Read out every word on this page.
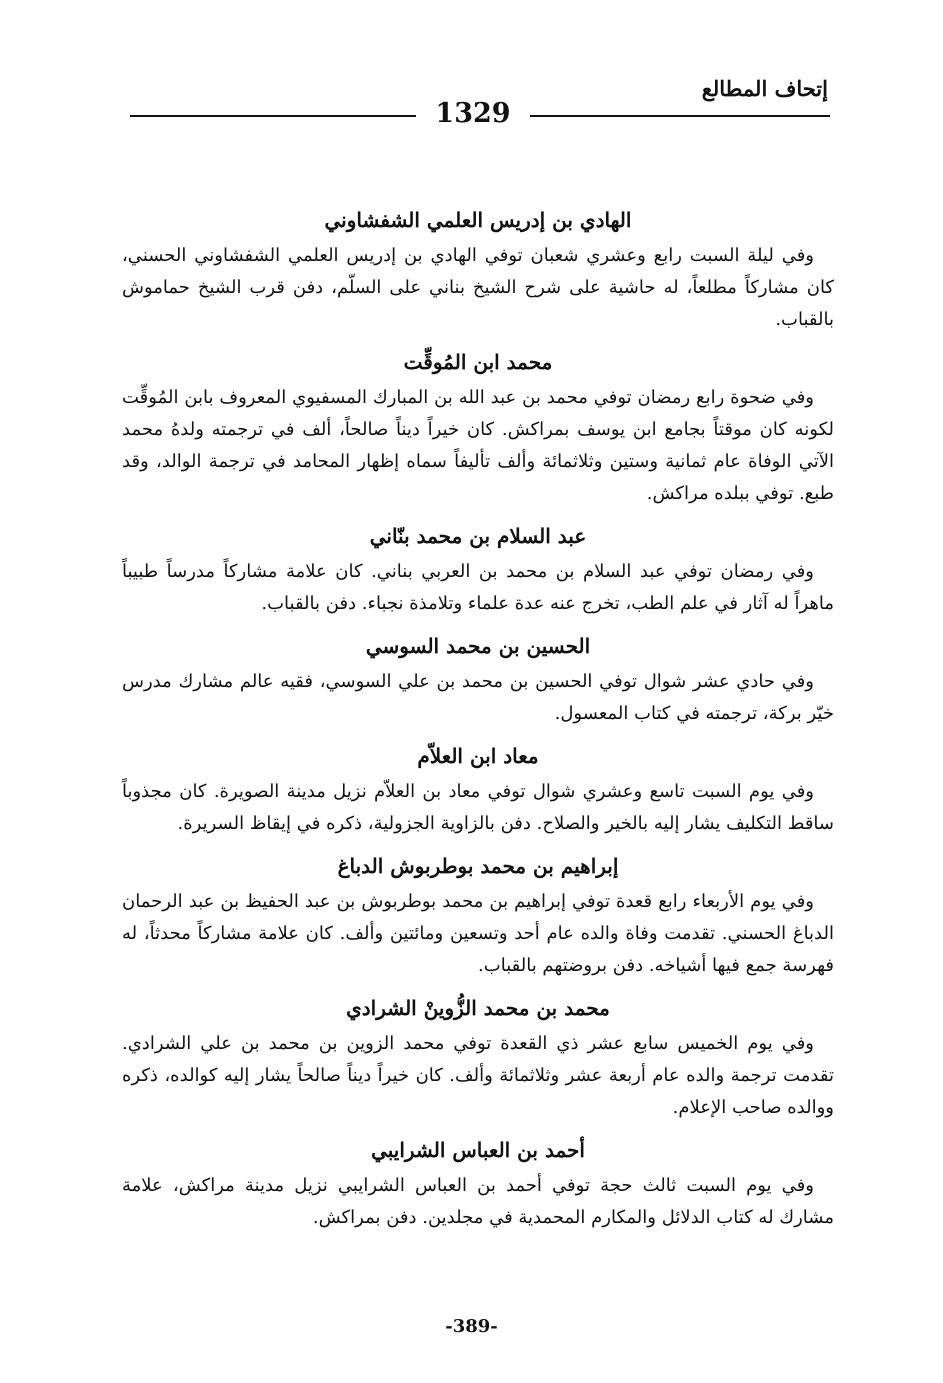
إتحاف المطالع
1329
الهادي بن إدريس العلمي الشفشاوني

وفي ليلة السبت رابع وعشري شعبان توفي الهادي بن إدريس العلمي الشفشاوني الحسني، كان مشاركاً مطلعاً، له حاشية على شرح الشيخ بناني على السلّم، دفن قرب الشيخ حماموش بالقباب.

محمد ابن المُوقِّت

وفي ضحوة رابع رمضان توفي محمد بن عبد الله بن المبارك المسفيوي المعروف بابن المُوقِّت لكونه كان موقتاً بجامع ابن يوسف بمراكش. كان خيراً ديناً صالحاً، ألف في ترجمته ولدهُ محمد الآتي الوفاة عام ثمانية وستين وثلاثمائة وألف تأليفاً سماه إظهار المحامد في ترجمة الوالد، وقد طبع. توفي ببلده مراكش.

عبد السلام بن محمد بنّاني

وفي رمضان توفي عبد السلام بن محمد بن العربي بناني. كان علامة مشاركاً مدرساً طبيباً ماهراً له آثار في علم الطب، تخرج عنه عدة علماء وتلامذة نجباء. دفن بالقباب.

الحسين بن محمد السوسي

وفي حادي عشر شوال توفي الحسين بن محمد بن علي السوسي، فقيه عالم مشارك مدرس خيّر بركة، ترجمته في كتاب المعسول.

معاد ابن العلاّم

وفي يوم السبت تاسع وعشري شوال توفي معاد بن العلاّم نزيل مدينة الصويرة. كان مجذوباً ساقط التكليف يشار إليه بالخير والصلاح. دفن بالزاوية الجزولية، ذكره في إيقاظ السريرة.

إبراهيم بن محمد بوطربوش الدباغ

وفي يوم الأربعاء رابع قعدة توفي إبراهيم بن محمد بوطربوش بن عبد الحفيظ بن عبد الرحمان الدباغ الحسني. تقدمت وفاة والده عام أحد وتسعين ومائتين وألف. كان علامة مشاركاً محدثاً، له فهرسة جمع فيها أشياخه. دفن بروضتهم بالقباب.

محمد بن محمد الزُّوينْ الشرادي

وفي يوم الخميس سابع عشر ذي القعدة توفي محمد الزوين بن محمد بن علي الشرادي. تقدمت ترجمة والده عام أربعة عشر وثلاثمائة وألف. كان خيراً ديناً صالحاً يشار إليه كوالده، ذكره ووالده صاحب الإعلام.

أحمد بن العباس الشرايبي

وفي يوم السبت ثالث حجة توفي أحمد بن العباس الشرايبي نزيل مدينة مراكش، علامة مشارك له كتاب الدلائل والمكارم المحمدية في مجلدين. دفن بمراكش.

-389-
